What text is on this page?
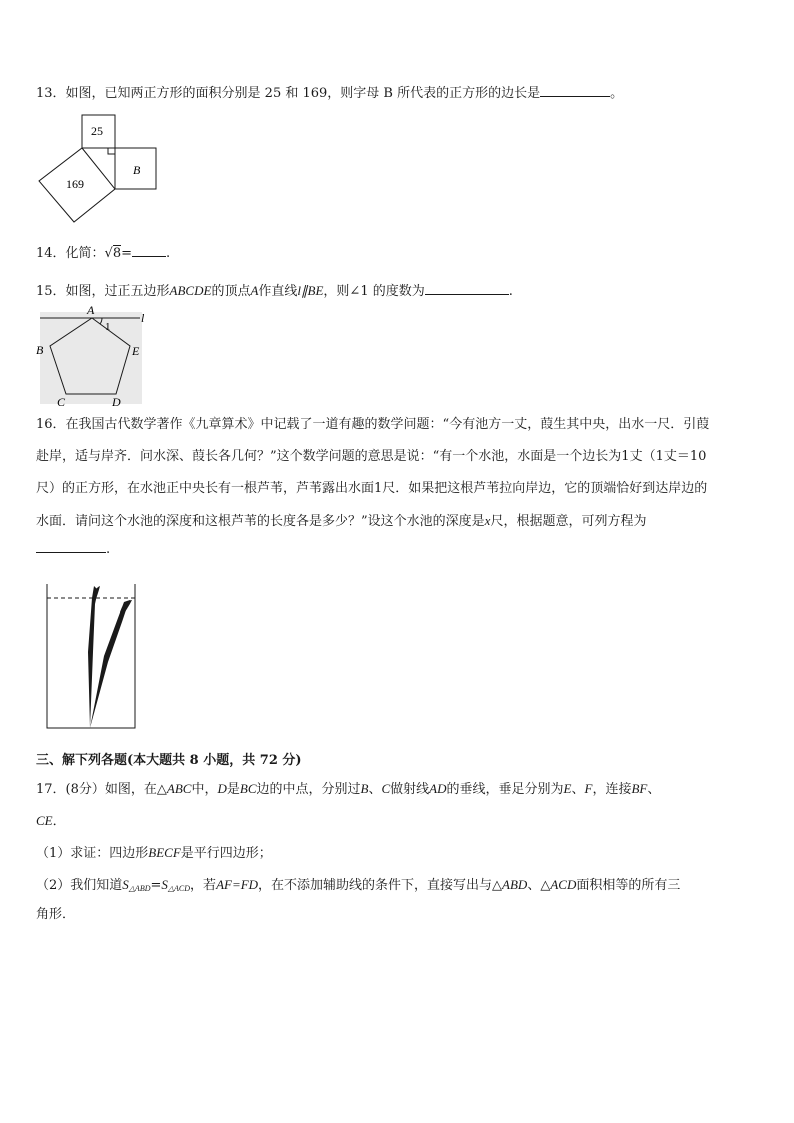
13．如图，已知两正方形的面积分别是 25 和 169，则字母 B 所代表的正方形的边长是	。
25
169
B
14．化简：√8=	.
15．如图，过正五边形ABCDE的顶点A作直线l∥BE，则∠1 的度数为	.
A
1
l
B	E
C	D
16．在我国古代数学著作《九章算术》中记载了一道有趣的数学问题：“今有池方一丈，葭生其中央，出水一尺．引葭
赴岸，适与岸齐．问水深、葭长各几何？”这个数学问题的意思是说：“有一个水池，水面是一个边长为1丈（1丈＝10
尺）的正方形，在水池正中央长有一根芦苇，芦苇露出水面1尺．如果把这根芦苇拉向岸边，它的顶端恰好到达岸边的
水面．请问这个水池的深度和这根芦苇的长度各是多少？”设这个水池的深度是x尺，根据题意，可列方程为
.
三、解下列各题(本大题共 8 小题，共 72 分)
17．(8分）如图，在△ABC中，D是BC边的中点，分别过B、C做射线AD的垂线，垂足分别为E、F，连接BF、
CE．
（1）求证：四边形BECF是平行四边形；
（2）我们知道$S_{\triangle ABD}=S_{\triangle ACD}$，若AF=FD，在不添加辅助线的条件下，直接写出与△ABD、△ACD面积相等的所有三
角形．
